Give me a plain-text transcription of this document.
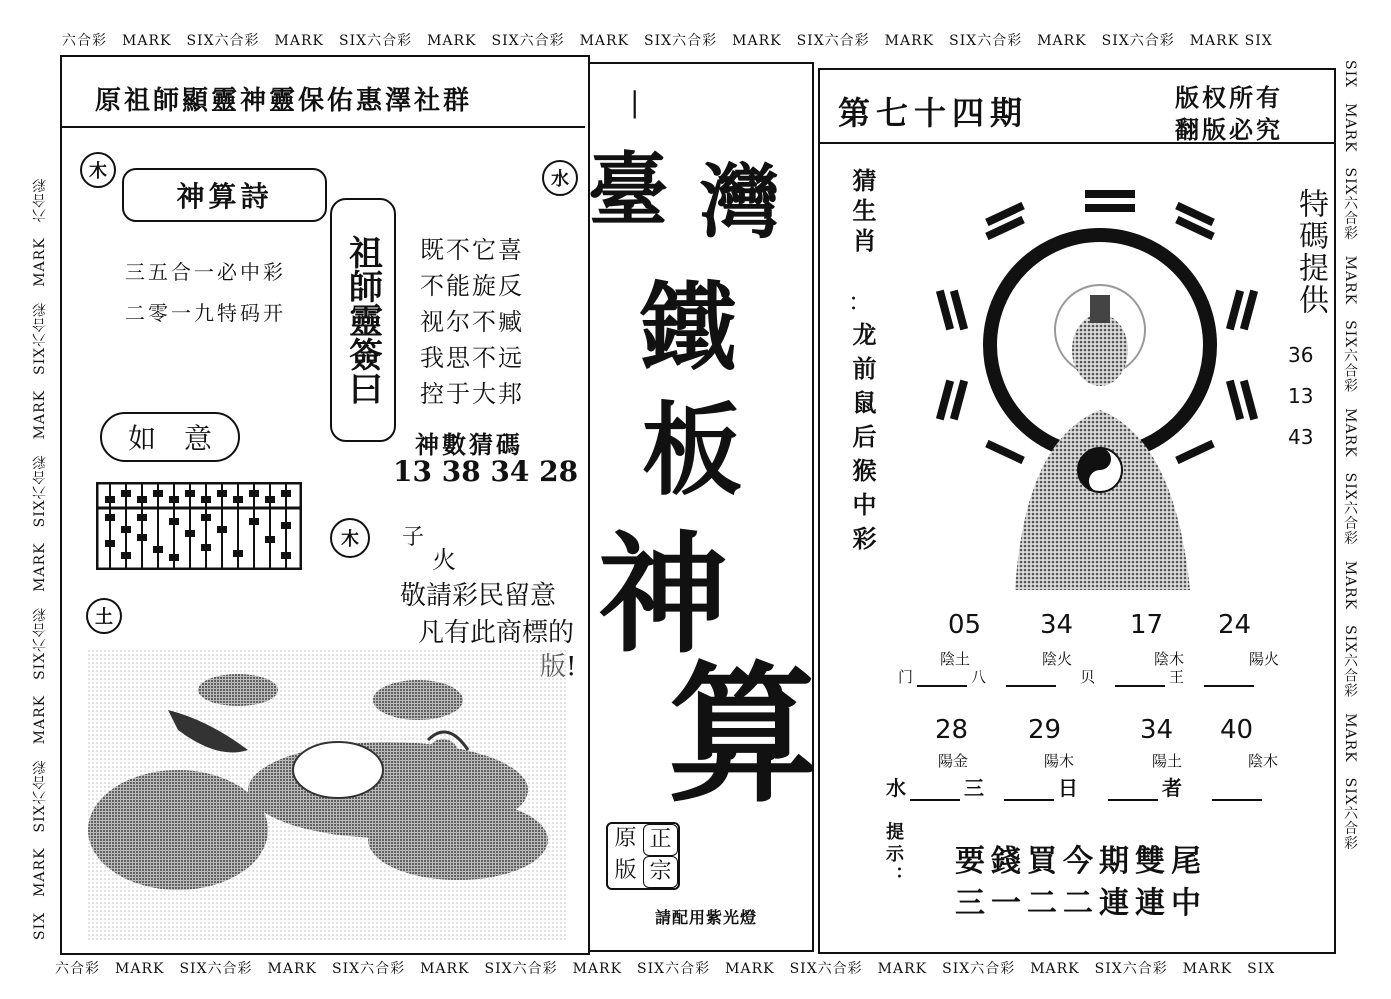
六合彩　MARK　SIX六合彩　MARK　SIX六合彩　MARK　SIX六合彩　MARK　SIX六合彩　MARK　SIX六合彩　MARK　SIX六合彩　MARK　SIX六合彩　MARK SIX
六合彩　MARK　SIX六合彩　MARK　SIX六合彩　MARK　SIX六合彩　MARK　SIX六合彩　MARK　SIX六合彩　MARK　SIX六合彩　MARK　SIX六合彩　MARK　SIX
SIX　MARK　SIX六合彩　MARK　SIX六合彩　MARK　SIX六合彩　MARK　SIX六合彩　MARK　六合彩	SIX　MARK　SIX六合彩　MARK　SIX六合彩　MARK　SIX六合彩　MARK　SIX六合彩　MARK　SIX六合彩
原祖師顯靈神靈保佑惠澤社群
木	水
神算詩
三五合一必中彩
二零一九特码开	祖師靈簽曰	既不它喜
不能旋反
视尔不臧
我思不远
控于大邦
神數猜碼
13 38 34 28
如　意
木	子
火
敬請彩民留意
凡有此商標的
版!
土
|
臺 灣
鐵
板
神
算
原 正
版 宗
請配用紫光燈
第七十四期	版权所有
翻版必究
猜生肖
：
龙前鼠后猴中彩
特碼提供
36
13
43
05	34	17	24
陰土	陰火	陰木	陽火
门	八	贝	王
28	29	34	40
陽金	陽木	陽土	陰木
水	三	日	者
提示： 要錢買今期雙尾
三一二二連連中
